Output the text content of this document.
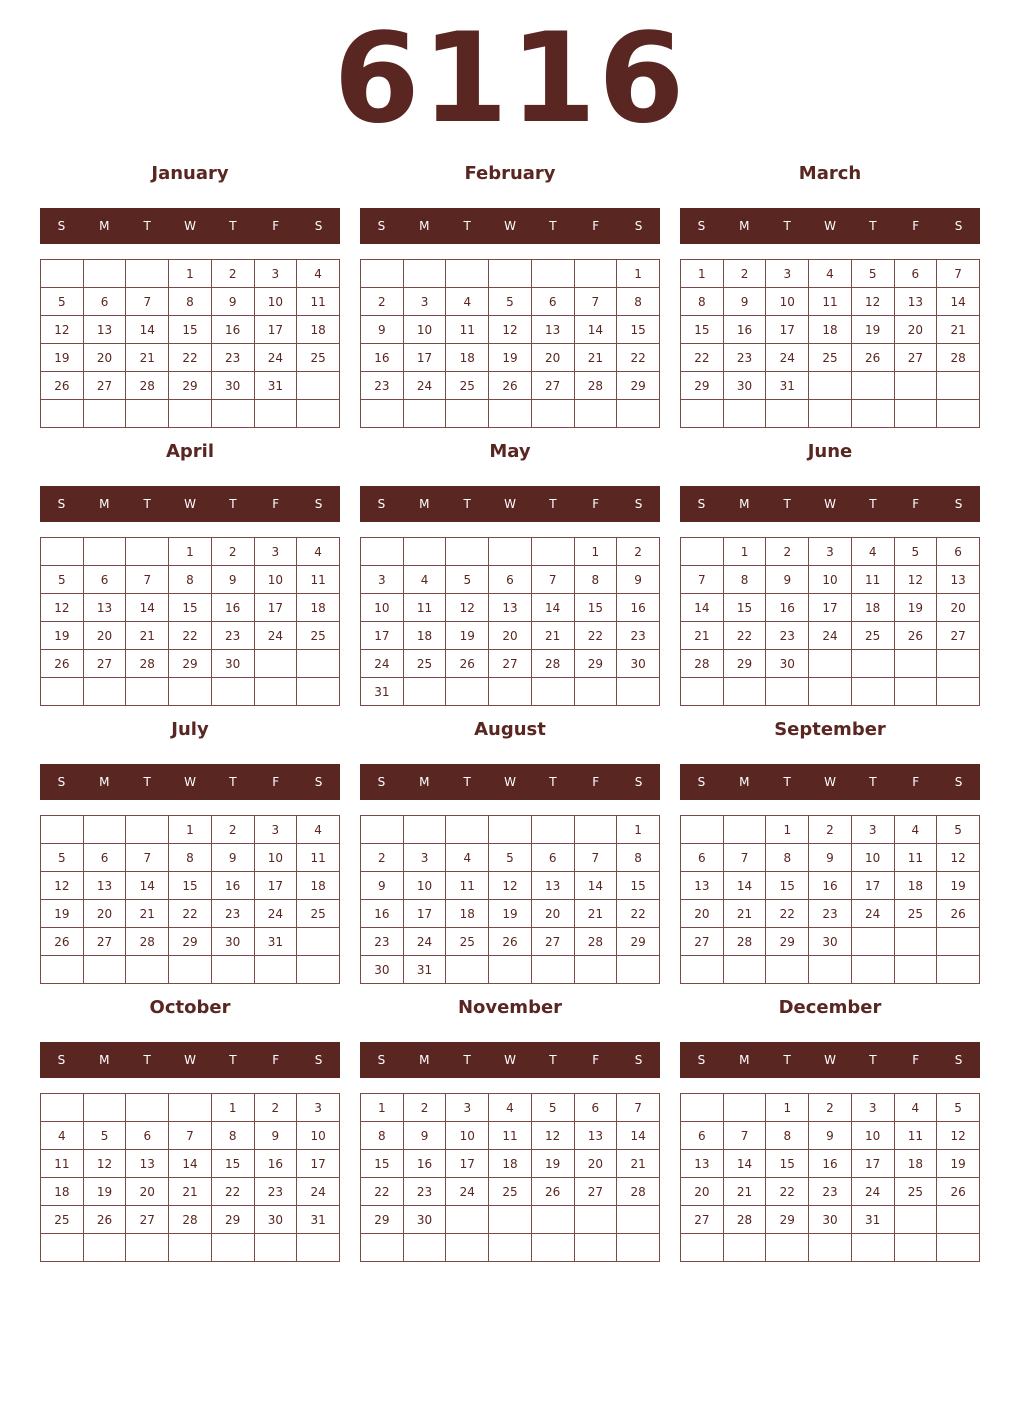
6116
January
S	M	T	W	T	F	S
			1	2	3	4
5	6	7	8	9	10	11
12	13	14	15	16	17	18
19	20	21	22	23	24	25
26	27	28	29	30	31	

February
S	M	T	W	T	F	S
						1
2	3	4	5	6	7	8
9	10	11	12	13	14	15
16	17	18	19	20	21	22
23	24	25	26	27	28	29

March
S	M	T	W	T	F	S
1	2	3	4	5	6	7
8	9	10	11	12	13	14
15	16	17	18	19	20	21
22	23	24	25	26	27	28
29	30	31				

April
S	M	T	W	T	F	S
			1	2	3	4
5	6	7	8	9	10	11
12	13	14	15	16	17	18
19	20	21	22	23	24	25
26	27	28	29	30		

May
S	M	T	W	T	F	S
					1	2
3	4	5	6	7	8	9
10	11	12	13	14	15	16
17	18	19	20	21	22	23
24	25	26	27	28	29	30
31						
June
S	M	T	W	T	F	S
	1	2	3	4	5	6
7	8	9	10	11	12	13
14	15	16	17	18	19	20
21	22	23	24	25	26	27
28	29	30				

July
S	M	T	W	T	F	S
			1	2	3	4
5	6	7	8	9	10	11
12	13	14	15	16	17	18
19	20	21	22	23	24	25
26	27	28	29	30	31	

August
S	M	T	W	T	F	S
						1
2	3	4	5	6	7	8
9	10	11	12	13	14	15
16	17	18	19	20	21	22
23	24	25	26	27	28	29
30	31					
September
S	M	T	W	T	F	S
		1	2	3	4	5
6	7	8	9	10	11	12
13	14	15	16	17	18	19
20	21	22	23	24	25	26
27	28	29	30			

October
S	M	T	W	T	F	S
				1	2	3
4	5	6	7	8	9	10
11	12	13	14	15	16	17
18	19	20	21	22	23	24
25	26	27	28	29	30	31

November
S	M	T	W	T	F	S
1	2	3	4	5	6	7
8	9	10	11	12	13	14
15	16	17	18	19	20	21
22	23	24	25	26	27	28
29	30					

December
S	M	T	W	T	F	S
		1	2	3	4	5
6	7	8	9	10	11	12
13	14	15	16	17	18	19
20	21	22	23	24	25	26
27	28	29	30	31		
